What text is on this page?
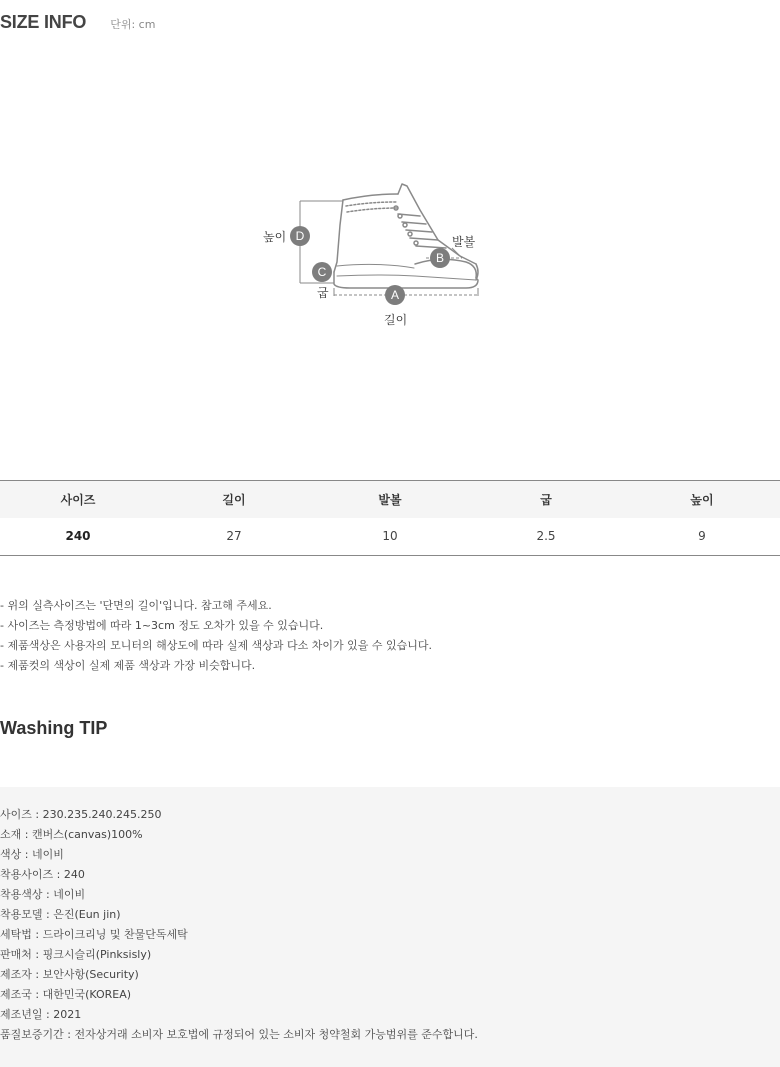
SIZE INFO 단위: cm
높이 D	발볼
B
C
굽	A
길이
사이즈	길이	발볼	굽	높이
240	27	10	2.5	9

- 위의 실측사이즈는 '단면의 길이'입니다. 참고해 주세요.

- 사이즈는 측정방법에 따라 1~3cm 정도 오차가 있을 수 있습니다.

- 제품색상은 사용자의 모니터의 해상도에 따라 실제 색상과 다소 차이가 있을 수 있습니다.

- 제품컷의 색상이 실제 제품 색상과 가장 비슷합니다.

Washing TIP

사이즈 : 230.235.240.245.250

소재 : 캔버스(canvas)100%

색상 : 네이비

착용사이즈 : 240

착용색상 : 네이비

착용모델 : 은진(Eun jin)

세탁법 : 드라이크리닝 및 찬물단독세탁

판매처 : 핑크시슬리(Pinksisly)

제조자 : 보안사항(Security)

제조국 : 대한민국(KOREA)

제조년일 : 2021

품질보증기간 : 전자상거래 소비자 보호법에 규정되어 있는 소비자 청약철회 가능범위를 준수합니다.
